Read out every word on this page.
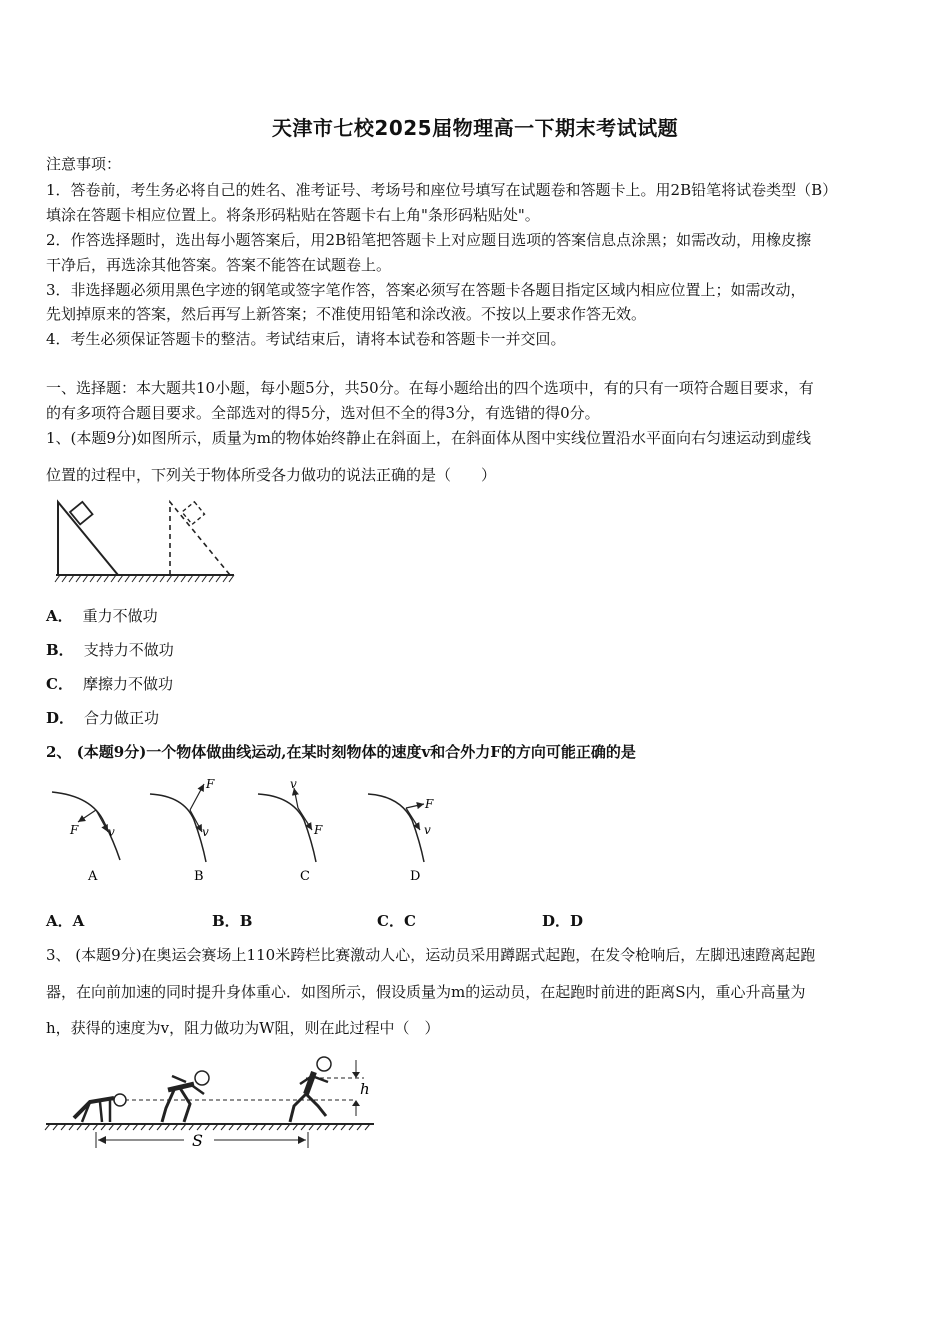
天津市七校2025届物理高一下期末考试试题
注意事项：
1．答卷前，考生务必将自己的姓名、准考证号、考场号和座位号填写在试题卷和答题卡上。用2B铅笔将试卷类型（B）
填涂在答题卡相应位置上。将条形码粘贴在答题卡右上角"条形码粘贴处"。
2．作答选择题时，选出每小题答案后，用2B铅笔把答题卡上对应题目选项的答案信息点涂黑；如需改动，用橡皮擦
干净后，再选涂其他答案。答案不能答在试题卷上。
3．非选择题必须用黑色字迹的钢笔或签字笔作答，答案必须写在答题卡各题目指定区域内相应位置上；如需改动，
先划掉原来的答案，然后再写上新答案；不准使用铅笔和涂改液。不按以上要求作答无效。
4．考生必须保证答题卡的整洁。考试结束后，请将本试卷和答题卡一并交回。
一、选择题：本大题共10小题，每小题5分，共50分。在每小题给出的四个选项中，有的只有一项符合题目要求，有
的有多项符合题目要求。全部选对的得5分，选对但不全的得3分，有选错的得0分。
1、(本题9分)如图所示，质量为m的物体始终静止在斜面上，在斜面体从图中实线位置沿水平面向右匀速运动到虚线
位置的过程中，下列关于物体所受各力做功的说法正确的是（　　）
A． 重力不做功
B． 支持力不做功
C． 摩擦力不做功
D． 合力做正功
2、 (本题9分)一个物体做曲线运动,在某时刻物体的速度v和合外力F的方向可能正确的是
F v
A
F
v
B
v
F
C
F
v
D
A．A	B．B	C．C	D．D
3、 (本题9分)在奥运会赛场上110米跨栏比赛激动人心，运动员采用蹲踞式起跑，在发令枪响后，左脚迅速蹬离起跑
器，在向前加速的同时提升身体重心．如图所示，假设质量为m的运动员，在起跑时前进的距离S内，重心升高量为
h，获得的速度为v，阻力做功为W阻，则在此过程中（　）
h
S
